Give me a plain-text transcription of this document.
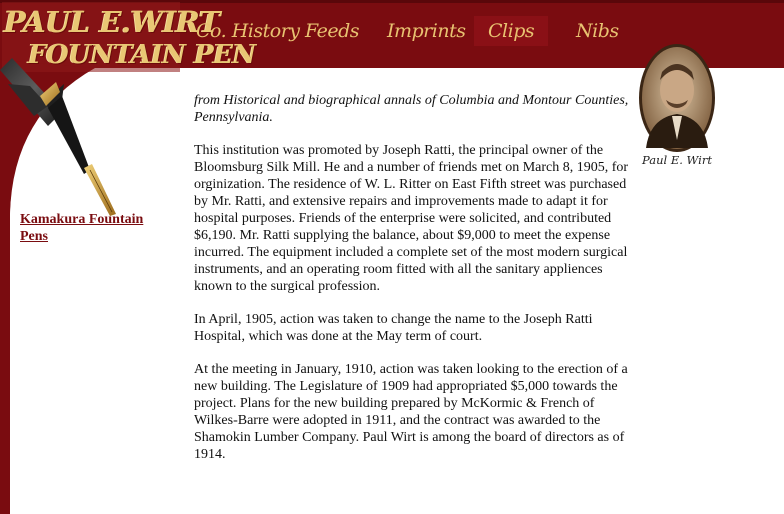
PAUL E.WIRT
FOUNTAIN PEN
Co. History Feeds Imprints	Clips	Nibs
Kamakura Fountain Pens
Paul E. Wirt

from Historical and biographical annals of Columbia and Montour Counties, Pennsylvania.

This institution was promoted by Joseph Ratti, the principal owner of the Bloomsburg Silk Mill. He and a number of friends met on March 8, 1905, for orginization. The residence of W. L. Ritter on East Fifth street was purchased by Mr. Ratti, and extensive repairs and improvements made to adapt it for hospital purposes. Friends of the enterprise were solicited, and contributed $6,190. Mr. Ratti supplying the balance, about $9,000 to meet the expense incurred. The equipment included a complete set of the most modern surgical instruments, and an operating room fitted with all the sanitary appliences known to the surgical profession.

In April, 1905, action was taken to change the name to the Joseph Ratti Hospital, which was done at the May term of court.

At the meeting in January, 1910, action was taken looking to the erection of a new building. The Legislature of 1909 had appropriated $5,000 towards the project. Plans for the new building prepared by McKormic & French of Wilkes-Barre were adopted in 1911, and the contract was awarded to the Shamokin Lumber Company. Paul Wirt is among the board of directors as of 1914.
